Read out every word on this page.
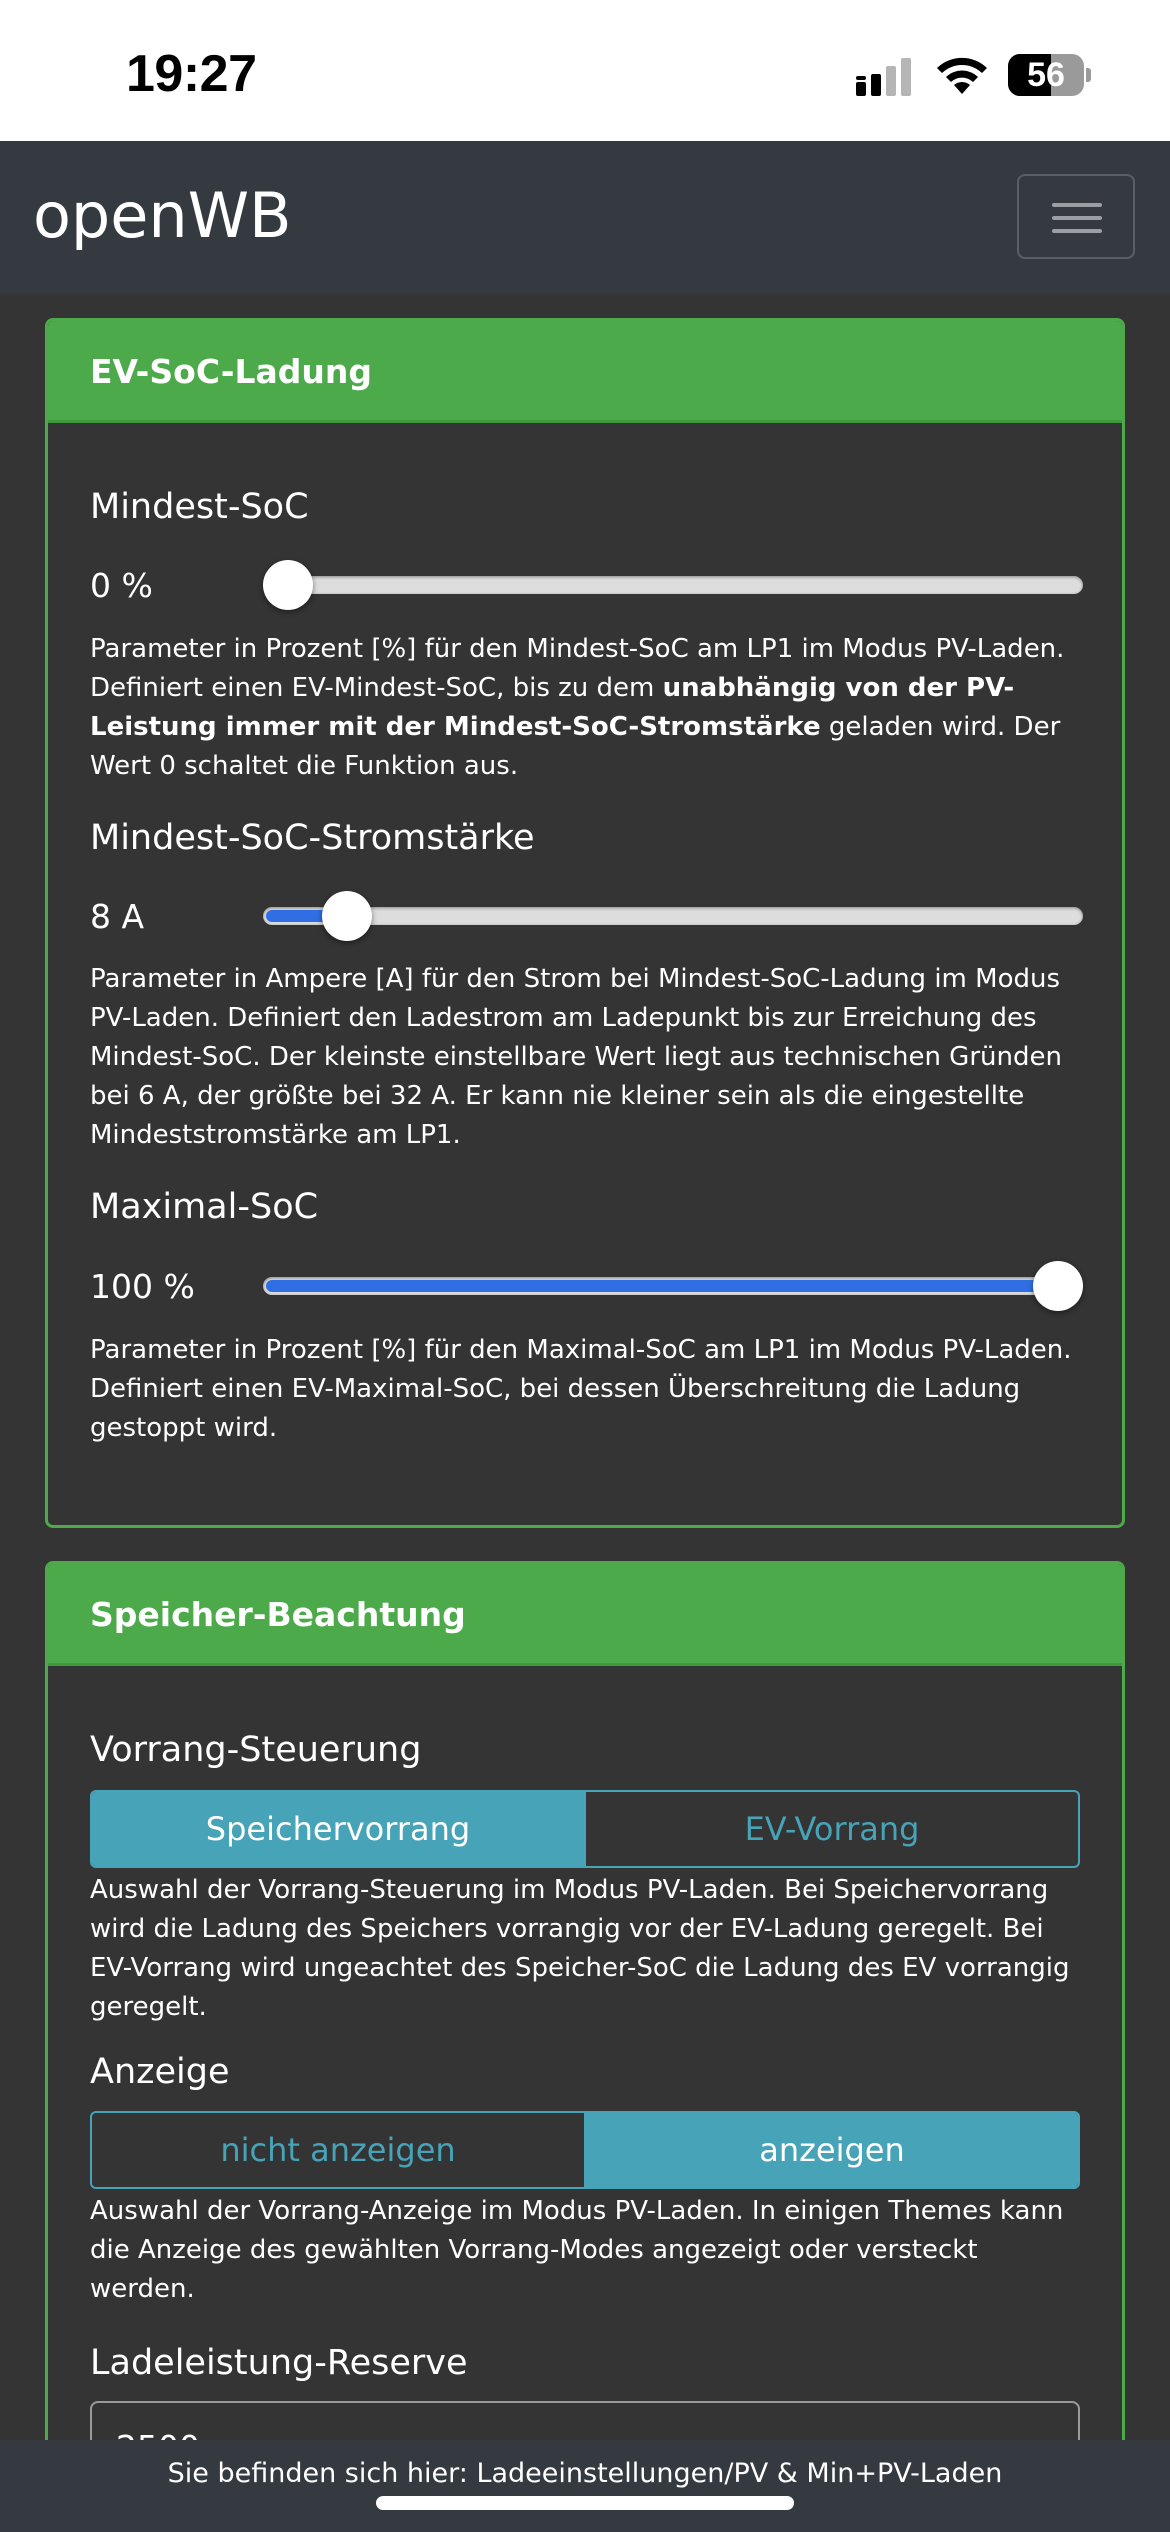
19:27	56
openWB
EV-SoC-Ladung
Mindest-SoC
0 %
Parameter in Prozent [%] für den Mindest-SoC am LP1 im Modus PV-Laden. Definiert einen EV-Mindest-SoC, bis zu dem unabhängig von der PV-Leistung immer mit der Mindest-SoC-Stromstärke geladen wird. Der Wert 0 schaltet die Funktion aus.
Mindest-SoC-Stromstärke
8 A
Parameter in Ampere [A] für den Strom bei Mindest-SoC-Ladung im Modus PV-Laden. Definiert den Ladestrom am Ladepunkt bis zur Erreichung des Mindest-SoC. Der kleinste einstellbare Wert liegt aus technischen Gründen bei 6 A, der größte bei 32 A. Er kann nie kleiner sein als die eingestellte Mindeststromstärke am LP1.
Maximal-SoC
100 %
Parameter in Prozent [%] für den Maximal-SoC am LP1 im Modus PV-Laden. Definiert einen EV-Maximal-SoC, bei dessen Überschreitung die Ladung gestoppt wird.
Speicher-Beachtung
Vorrang-Steuerung
Speichervorrang	EV-Vorrang
Auswahl der Vorrang-Steuerung im Modus PV-Laden. Bei Speichervorrang wird die Ladung des Speichers vorrangig vor der EV-Ladung geregelt. Bei EV-Vorrang wird ungeachtet des Speicher-SoC die Ladung des EV vorrangig geregelt.
Anzeige
nicht anzeigen	anzeigen
Auswahl der Vorrang-Anzeige im Modus PV-Laden. In einigen Themes kann die Anzeige des gewählten Vorrang-Modes angezeigt oder versteckt werden.
Ladeleistung-Reserve
Sie befinden sich hier: Ladeeinstellungen/PV & Min+PV-Laden
